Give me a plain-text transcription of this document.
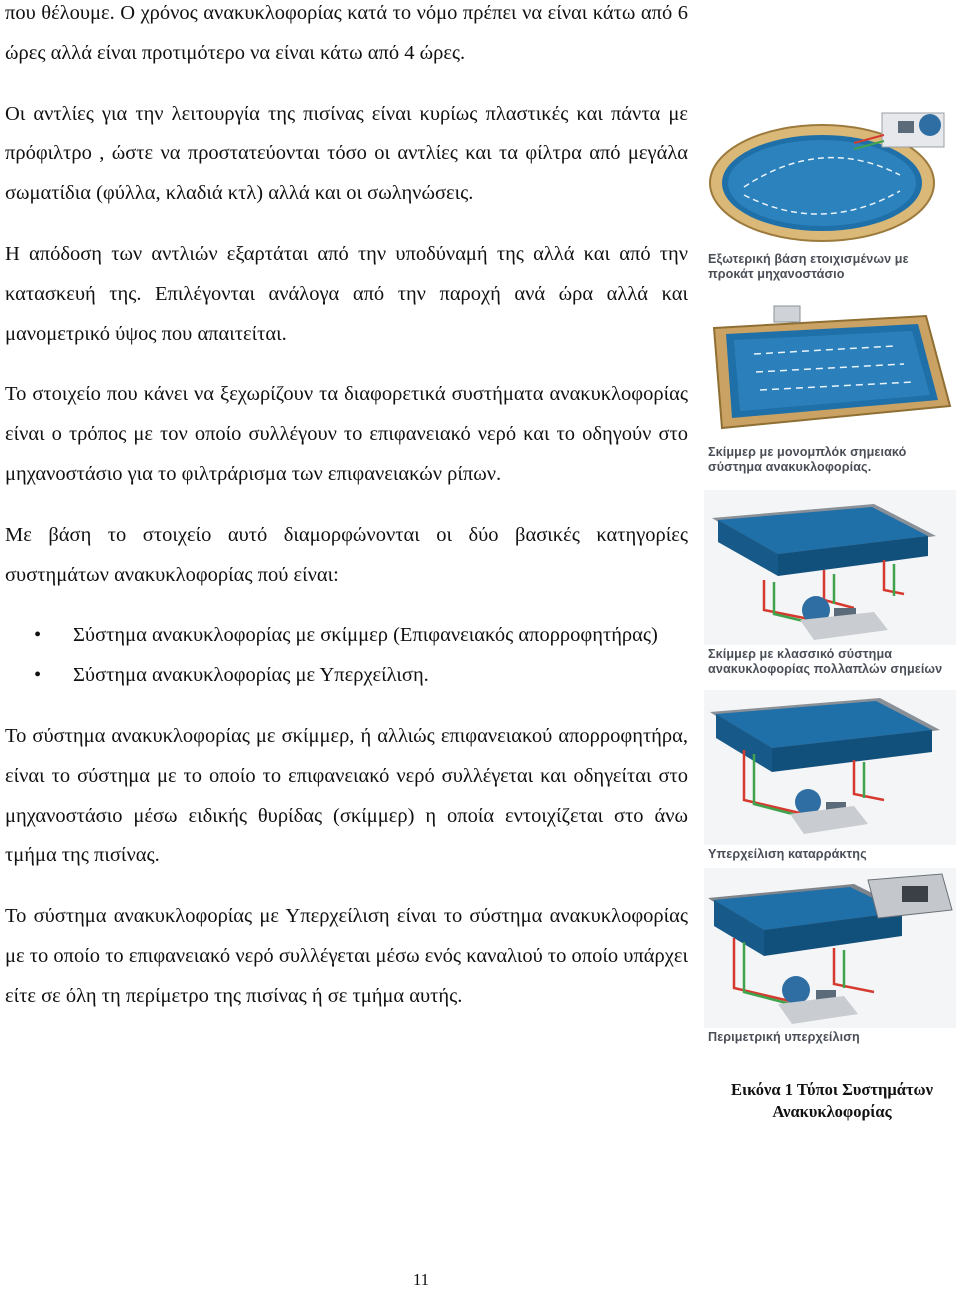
που θέλουμε. Ο χρόνος ανακυκλοφορίας κατά το νόμο πρέπει να είναι κάτω από 6 ώρες αλλά είναι προτιμότερο να είναι κάτω από 4 ώρες.

Οι αντλίες για την λειτουργία της πισίνας είναι κυρίως πλαστικές και πάντα με πρόφιλτρο , ώστε να προστατεύονται τόσο οι αντλίες και τα φίλτρα από μεγάλα σωματίδια (φύλλα, κλαδιά κτλ) αλλά και οι σωληνώσεις.

Η απόδοση των αντλιών εξαρτάται από την υποδύναμή της αλλά και από την κατασκευή της. Επιλέγονται ανάλογα από την παροχή ανά ώρα αλλά και μανομετρικό ύψος που απαιτείται.

Το στοιχείο που κάνει να ξεχωρίζουν τα διαφορετικά συστήματα ανακυκλοφορίας είναι ο τρόπος με τον οποίο συλλέγουν το επιφανειακό νερό και το οδηγούν στο μηχανοστάσιο για το φιλτράρισμα των επιφανειακών ρίπων.

Με βάση το στοιχείο αυτό διαμορφώνονται οι δύο βασικές κατηγορίες συστημάτων ανακυκλοφορίας πού είναι:

• Σύστημα ανακυκλοφορίας με σκίμμερ (Επιφανειακός απορροφητήρας)
• Σύστημα ανακυκλοφορίας με Υπερχείλιση.

Το σύστημα ανακυκλοφορίας με σκίμμερ, ή αλλιώς επιφανειακού απορροφητήρα, είναι το σύστημα με το οποίο το επιφανειακό νερό συλλέγεται και οδηγείται στο μηχανοστάσιο μέσω ειδικής θυρίδας (σκίμμερ) η οποία εντοιχίζεται στο άνω τμήμα της πισίνας.

Το σύστημα ανακυκλοφορίας με Υπερχείλιση είναι το σύστημα ανακυκλοφορίας με το οποίο το επιφανειακό νερό συλλέγεται μέσω ενός καναλιού το οποίο υπάρχει είτε σε όλη τη περίμετρο της πισίνας ή σε τμήμα αυτής.

Εξωτερική βάση ετοιχισμένων με προκάτ μηχανοστάσιο
Σκίμμερ με μονομπλόκ σημειακό σύστημα ανακυκλοφορίας.
Σκίμμερ με κλασσικό σύστημα ανακυκλοφορίας πολλαπλών σημείων
Υπερχείλιση καταρράκτης
Περιμετρική υπερχείλιση
Εικόνα 1 Τύποι Συστημάτων Ανακυκλοφορίας
11
